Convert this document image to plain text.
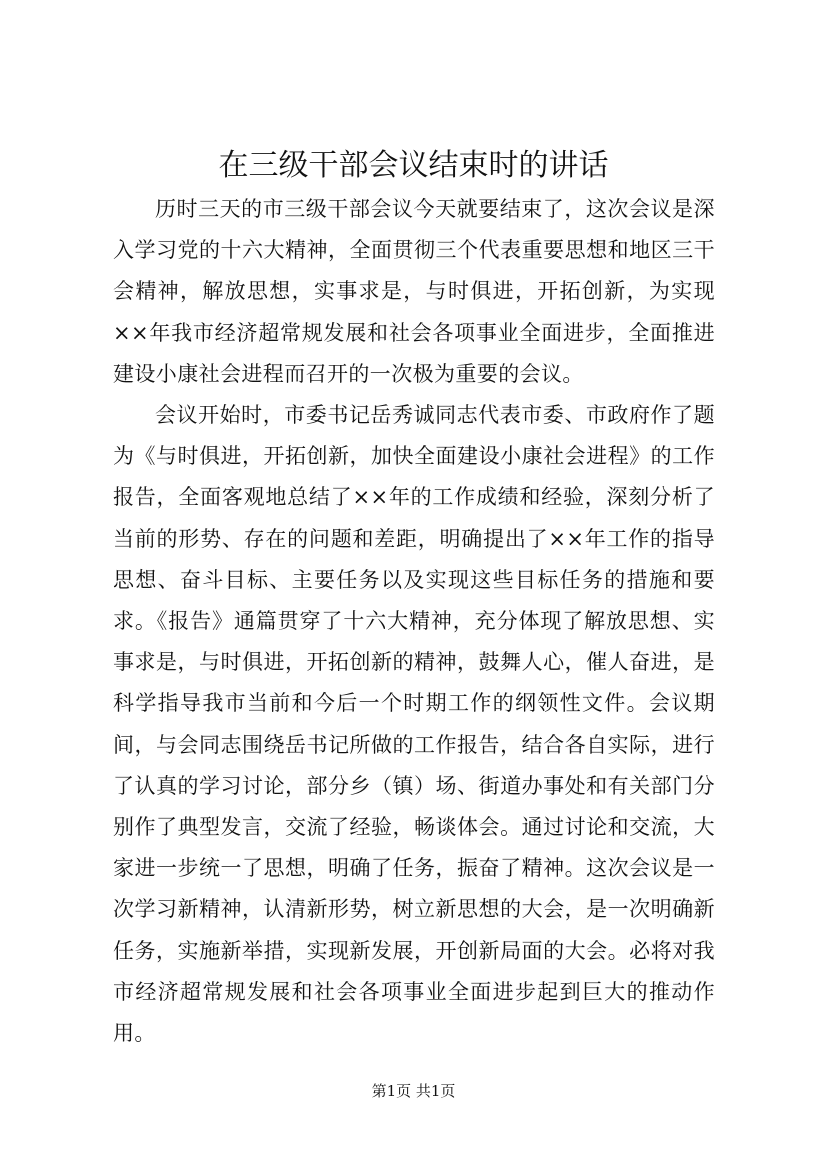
在三级干部会议结束时的讲话

历时三天的市三级干部会议今天就要结束了，这次会议是深入学习党的十六大精神，全面贯彻三个代表重要思想和地区三干会精神，解放思想，实事求是，与时俱进，开拓创新，为实现××年我市经济超常规发展和社会各项事业全面进步，全面推进建设小康社会进程而召开的一次极为重要的会议。

会议开始时，市委书记岳秀诚同志代表市委、市政府作了题为《与时俱进，开拓创新，加快全面建设小康社会进程》的工作报告，全面客观地总结了××年的工作成绩和经验，深刻分析了当前的形势、存在的问题和差距，明确提出了××年工作的指导思想、奋斗目标、主要任务以及实现这些目标任务的措施和要求。《报告》通篇贯穿了十六大精神，充分体现了解放思想、实事求是，与时俱进，开拓创新的精神，鼓舞人心，催人奋进，是科学指导我市当前和今后一个时期工作的纲领性文件。会议期间，与会同志围绕岳书记所做的工作报告，结合各自实际，进行了认真的学习讨论，部分乡（镇）场、街道办事处和有关部门分别作了典型发言，交流了经验，畅谈体会。通过讨论和交流，大家进一步统一了思想，明确了任务，振奋了精神。这次会议是一次学习新精神，认清新形势，树立新思想的大会，是一次明确新任务，实施新举措，实现新发展，开创新局面的大会。必将对我市经济超常规发展和社会各项事业全面进步起到巨大的推动作用。

第1页 共1页
